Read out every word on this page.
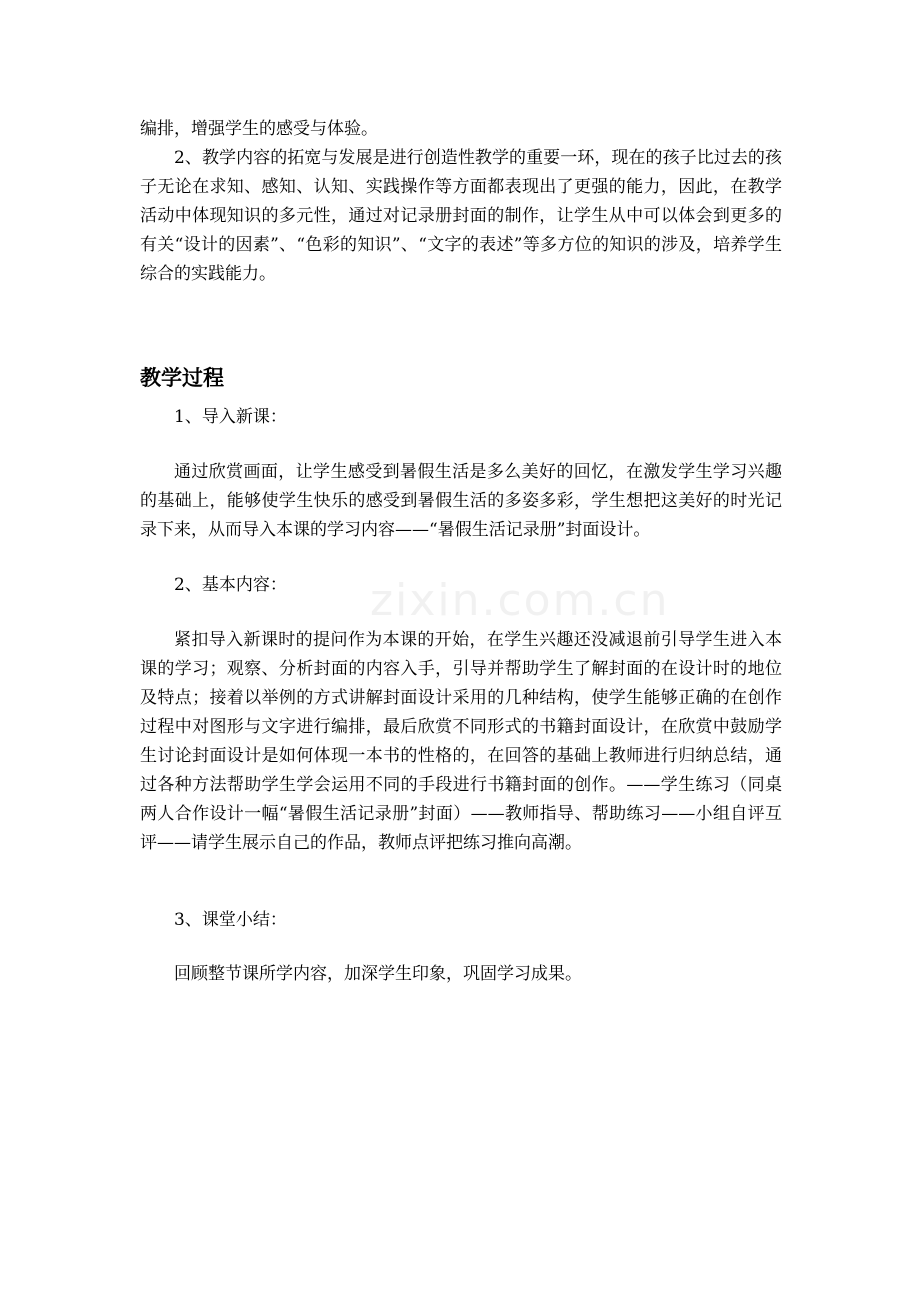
编排，增强学生的感受与体验。

2、教学内容的拓宽与发展是进行创造性教学的重要一环，现在的孩子比过去的孩子无论在求知、感知、认知、实践操作等方面都表现出了更强的能力，因此，在教学活动中体现知识的多元性，通过对记录册封面的制作，让学生从中可以体会到更多的有关“设计的因素”、“色彩的知识”、“文字的表述”等多方位的知识的涉及，培养学生综合的实践能力。

教学过程

1、导入新课：

通过欣赏画面，让学生感受到暑假生活是多么美好的回忆，在激发学生学习兴趣的基础上，能够使学生快乐的感受到暑假生活的多姿多彩，学生想把这美好的时光记录下来，从而导入本课的学习内容——“暑假生活记录册”封面设计。

2、基本内容：

紧扣导入新课时的提问作为本课的开始，在学生兴趣还没减退前引导学生进入本课的学习；观察、分析封面的内容入手，引导并帮助学生了解封面的在设计时的地位及特点；接着以举例的方式讲解封面设计采用的几种结构，使学生能够正确的在创作过程中对图形与文字进行编排，最后欣赏不同形式的书籍封面设计，在欣赏中鼓励学生讨论封面设计是如何体现一本书的性格的，在回答的基础上教师进行归纳总结，通过各种方法帮助学生学会运用不同的手段进行书籍封面的创作。——学生练习（同桌两人合作设计一幅“暑假生活记录册”封面）——教师指导、帮助练习——小组自评互评——请学生展示自己的作品，教师点评把练习推向高潮。

3、课堂小结：

回顾整节课所学内容，加深学生印象，巩固学习成果。

zixin.com.cn
